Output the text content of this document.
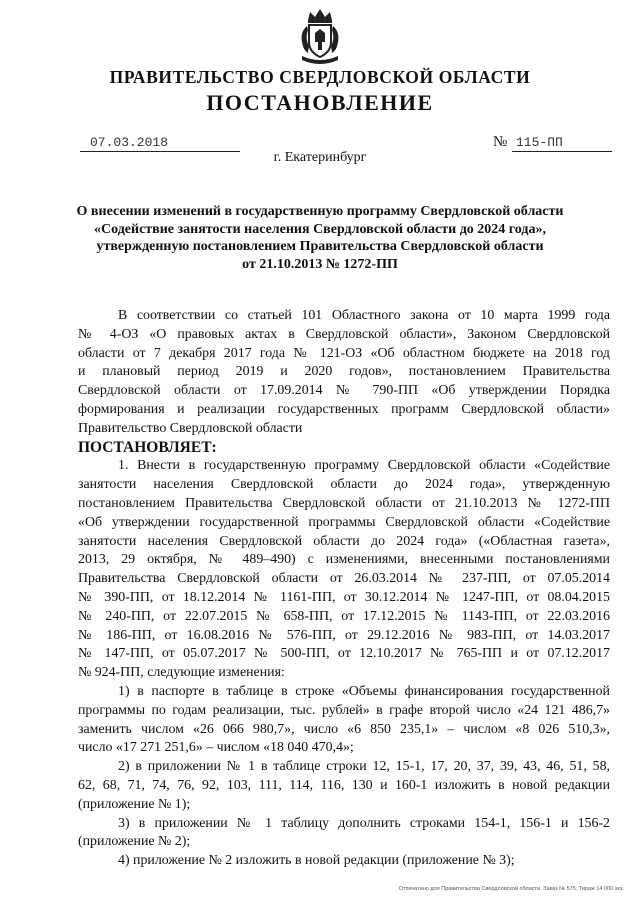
ПРАВИТЕЛЬСТВО СВЕРДЛОВСКОЙ ОБЛАСТИ
ПОСТАНОВЛЕНИЕ
07.03.2018	№ 115-ПП
г. Екатеринбург
О внесении изменений в государственную программу Свердловской области
«Содействие занятости населения Свердловской области до 2024 года»,
утвержденную постановлением Правительства Свердловской области
от 21.10.2013 № 1272-ПП
В соответствии со статьей 101 Областного закона от 10 марта 1999 года
№ 4-ОЗ «О правовых актах в Свердловской области», Законом Свердловской
области от 7 декабря 2017 года № 121-ОЗ «Об областном бюджете на 2018 год
и плановый период 2019 и 2020 годов», постановлением Правительства
Свердловской области от 17.09.2014 № 790-ПП «Об утверждении Порядка
формирования и реализации государственных программ Свердловской области»
Правительство Свердловской области
ПОСТАНОВЛЯЕТ:
1. Внести в государственную программу Свердловской области «Содействие
занятости населения Свердловской области до 2024 года», утвержденную
постановлением Правительства Свердловской области от 21.10.2013 № 1272-ПП
«Об утверждении государственной программы Свердловской области «Содействие
занятости населения Свердловской области до 2024 года» («Областная газета»,
2013, 29 октября, № 489–490) с изменениями, внесенными постановлениями
Правительства Свердловской области от 26.03.2014 № 237-ПП, от 07.05.2014
№ 390-ПП, от 18.12.2014 № 1161-ПП, от 30.12.2014 № 1247-ПП, от 08.04.2015
№ 240-ПП, от 22.07.2015 № 658-ПП, от 17.12.2015 № 1143-ПП, от 22.03.2016
№ 186-ПП, от 16.08.2016 № 576-ПП, от 29.12.2016 № 983-ПП, от 14.03.2017
№ 147-ПП, от 05.07.2017 № 500-ПП, от 12.10.2017 № 765-ПП и от 07.12.2017
№ 924-ПП, следующие изменения:
1) в паспорте в таблице в строке «Объемы финансирования государственной
программы по годам реализации, тыс. рублей» в графе второй число «24 121 486,7»
заменить числом «26 066 980,7», число «6 850 235,1» – числом «8 026 510,3»,
число «17 271 251,6» – числом «18 040 470,4»;
2) в приложении № 1 в таблице строки 12, 15-1, 17, 20, 37, 39, 43, 46, 51, 58,
62, 68, 71, 74, 76, 92, 103, 111, 114, 116, 130 и 160-1 изложить в новой редакции
(приложение № 1);
3) в приложении № 1 таблицу дополнить строками 154-1, 156-1 и 156-2
(приложение № 2);
4) приложение № 2 изложить в новой редакции (приложение № 3);
Отпечатано для Правительства Свердловской области. Заказ № 575. Тираж 14 000 экз.
